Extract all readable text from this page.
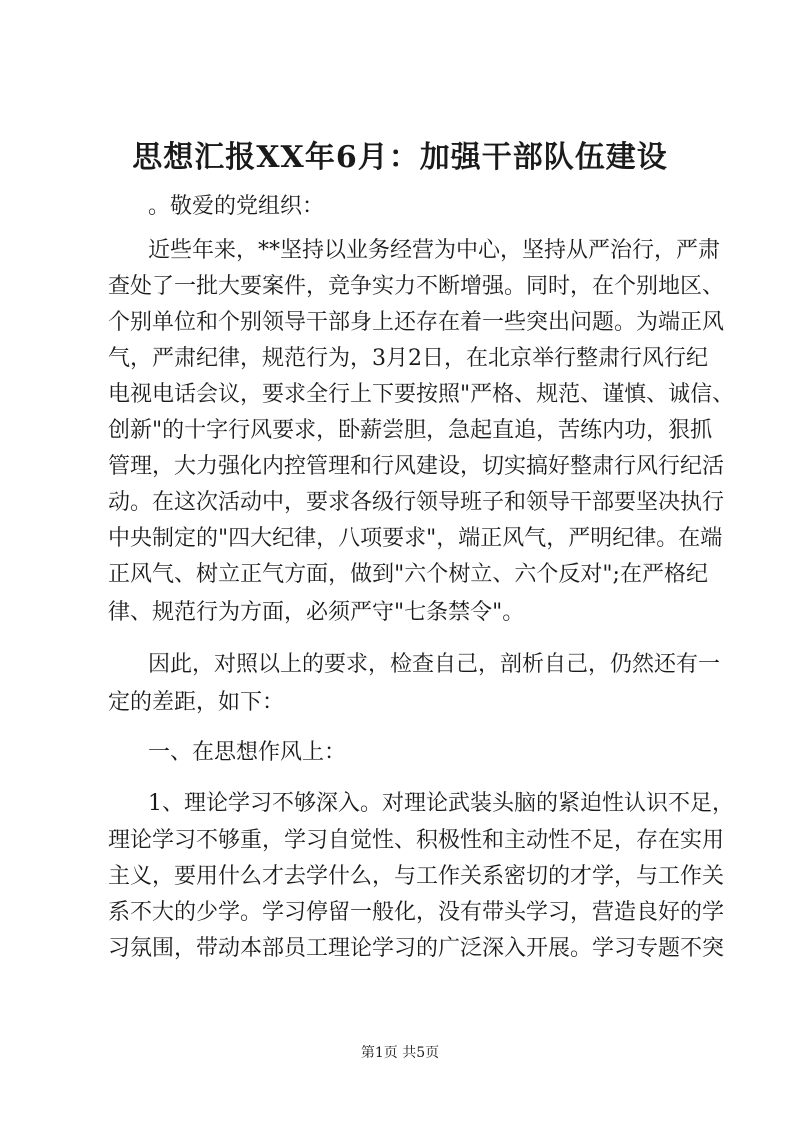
思想汇报XX年6月：加强干部队伍建设
。敬爱的党组织：
近些年来，**坚持以业务经营为中心，坚持从严治行，严肃
查处了一批大要案件，竞争实力不断增强。同时，在个别地区、
个别单位和个别领导干部身上还存在着一些突出问题。为端正风
气，严肃纪律，规范行为，3月2日，在北京举行整肃行风行纪
电视电话会议，要求全行上下要按照"严格、规范、谨慎、诚信、
创新"的十字行风要求，卧薪尝胆，急起直追，苦练内功，狠抓
管理，大力强化内控管理和行风建设，切实搞好整肃行风行纪活
动。在这次活动中，要求各级行领导班子和领导干部要坚决执行
中央制定的"四大纪律，八项要求"，端正风气，严明纪律。在端
正风气、树立正气方面，做到"六个树立、六个反对";在严格纪
律、规范行为方面，必须严守"七条禁令"。
因此，对照以上的要求，检查自己，剖析自己，仍然还有一
定的差距，如下：
一、在思想作风上：
1、理论学习不够深入。对理论武装头脑的紧迫性认识不足，
理论学习不够重，学习自觉性、积极性和主动性不足，存在实用
主义，要用什么才去学什么，与工作关系密切的才学，与工作关
系不大的少学。学习停留一般化，没有带头学习，营造良好的学
习氛围，带动本部员工理论学习的广泛深入开展。学习专题不突
第1页 共5页
